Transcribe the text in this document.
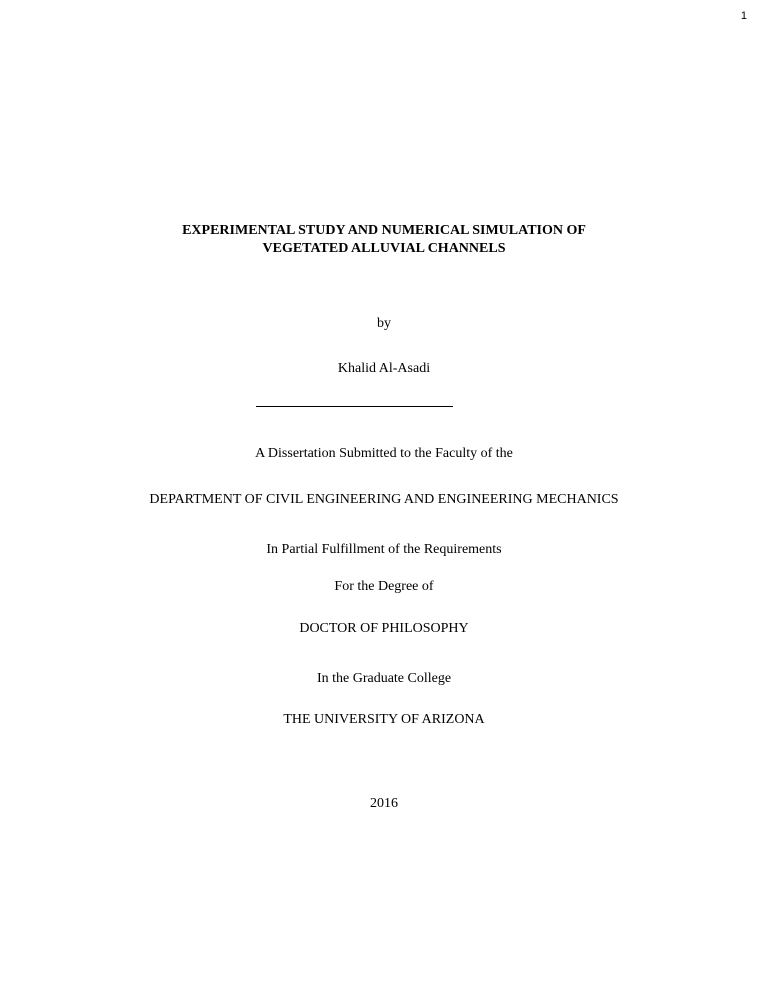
1
EXPERIMENTAL STUDY AND NUMERICAL SIMULATION OF
VEGETATED ALLUVIAL CHANNELS
by
Khalid Al-Asadi
A Dissertation Submitted to the Faculty of the
DEPARTMENT OF CIVIL ENGINEERING AND ENGINEERING MECHANICS
In Partial Fulfillment of the Requirements
For the Degree of
DOCTOR OF PHILOSOPHY
In the Graduate College
THE UNIVERSITY OF ARIZONA
2016
